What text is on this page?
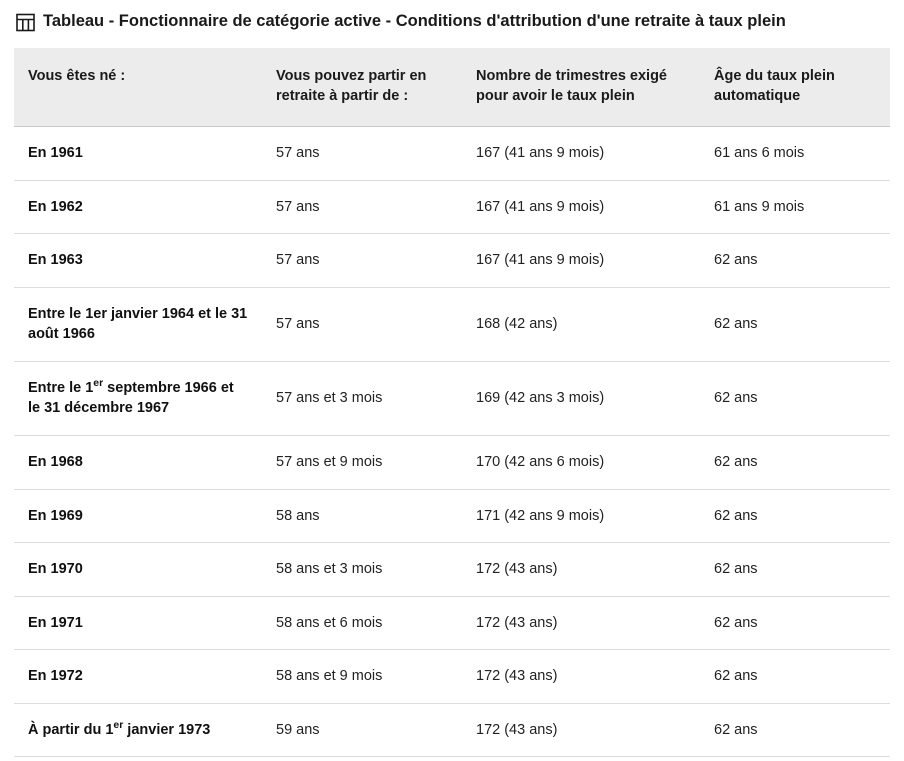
Tableau - Fonctionnaire de catégorie active - Conditions d'attribution d'une retraite à taux plein
Vous êtes né :	Vous pouvez partir en retraite à partir de :	Nombre de trimestres exigé pour avoir le taux plein	Âge du taux plein automatique
En 1961	57 ans	167 (41 ans 9 mois)	61 ans 6 mois
En 1962	57 ans	167 (41 ans 9 mois)	61 ans 9 mois
En 1963	57 ans	167 (41 ans 9 mois)	62 ans
Entre le 1er janvier 1964 et le 31 août 1966	57 ans	168 (42 ans)	62 ans
Entre le 1er septembre 1966 et le 31 décembre 1967	57 ans et 3 mois	169 (42 ans 3 mois)	62 ans
En 1968	57 ans et 9 mois	170 (42 ans 6 mois)	62 ans
En 1969	58 ans	171 (42 ans 9 mois)	62 ans
En 1970	58 ans et 3 mois	172 (43 ans)	62 ans
En 1971	58 ans et 6 mois	172 (43 ans)	62 ans
En 1972	58 ans et 9 mois	172 (43 ans)	62 ans
À partir du 1er janvier 1973	59 ans	172 (43 ans)	62 ans
